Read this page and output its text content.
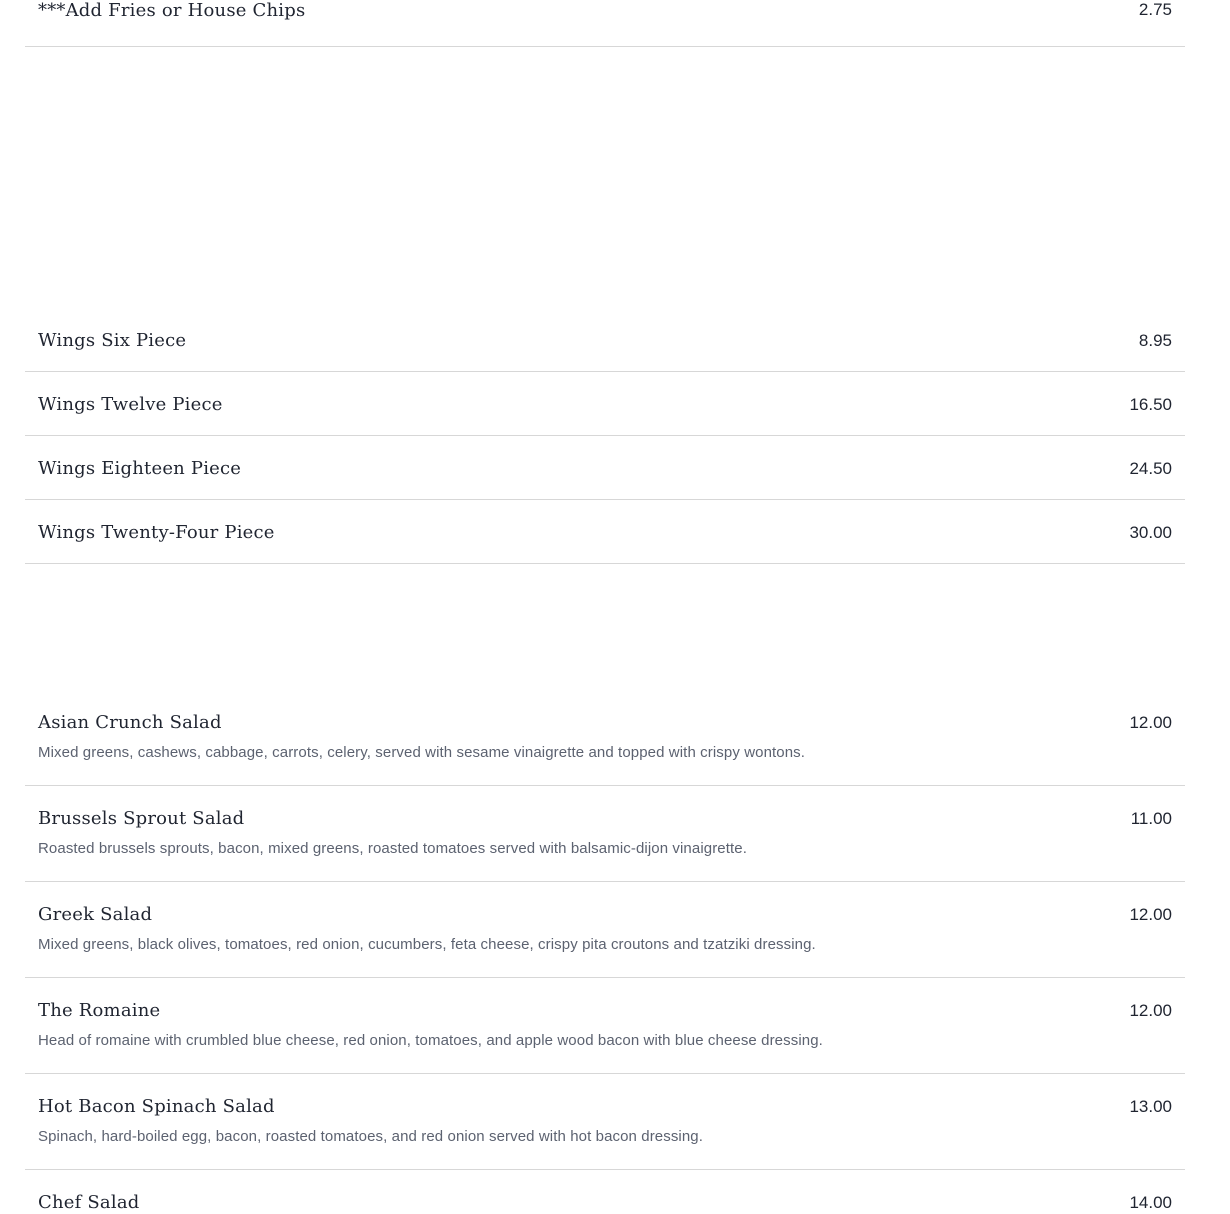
***Add Fries or House Chips	2.75
Wings Six Piece	8.95
Wings Twelve Piece	16.50
Wings Eighteen Piece	24.50
Wings Twenty-Four Piece	30.00
Asian Crunch Salad	12.00
Mixed greens, cashews, cabbage, carrots, celery, served with sesame vinaigrette and topped with crispy wontons.
Brussels Sprout Salad	11.00
Roasted brussels sprouts, bacon, mixed greens, roasted tomatoes served with balsamic-dijon vinaigrette.
Greek Salad	12.00
Mixed greens, black olives, tomatoes, red onion, cucumbers, feta cheese, crispy pita croutons and tzatziki dressing.
The Romaine	12.00
Head of romaine with crumbled blue cheese, red onion, tomatoes, and apple wood bacon with blue cheese dressing.
Hot Bacon Spinach Salad	13.00
Spinach, hard-boiled egg, bacon, roasted tomatoes, and red onion served with hot bacon dressing.
Chef Salad	14.00
